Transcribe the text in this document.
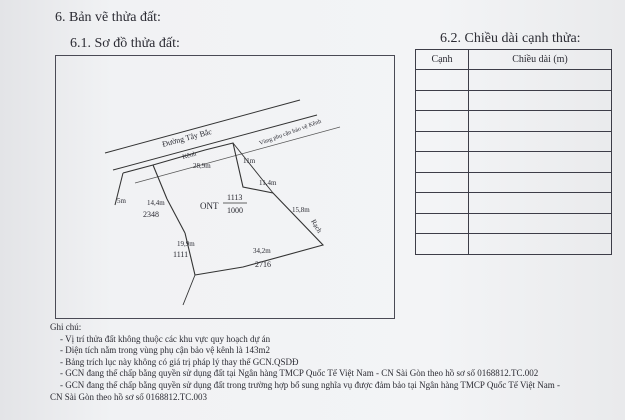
6. Bản vẽ thửa đất:
6.1. Sơ đồ thửa đất:	6.2. Chiều dài cạnh thửa:
Đường Tây Bắc
Kênh
Vùng phụ cận bảo vệ Kênh
28,9m
11m
11,4m
15,8m
Rạch
5m	14,4m
2348
ONT
1113
1000
19,9m
1111	34,2m
2716
Cạnh	Chiều dài (m)

Ghi chú:
- Vị trí thửa đất không thuộc các khu vực quy hoạch dự án
- Diện tích nằm trong vùng phụ cận bảo vệ kênh là 143m2
- Bảng trích lục này không có giá trị pháp lý thay thế GCN.QSDĐ
- GCN đang thế chấp bằng quyền sử dụng đất tại Ngân hàng TMCP Quốc Tế Việt Nam - CN Sài Gòn theo hồ sơ số 0168812.TC.002
- GCN đang thế chấp bằng quyền sử dụng đất trong trường hợp bổ sung nghĩa vụ được đảm bảo tại Ngân hàng TMCP Quốc Tế Việt Nam -
CN Sài Gòn theo hồ sơ số 0168812.TC.003
